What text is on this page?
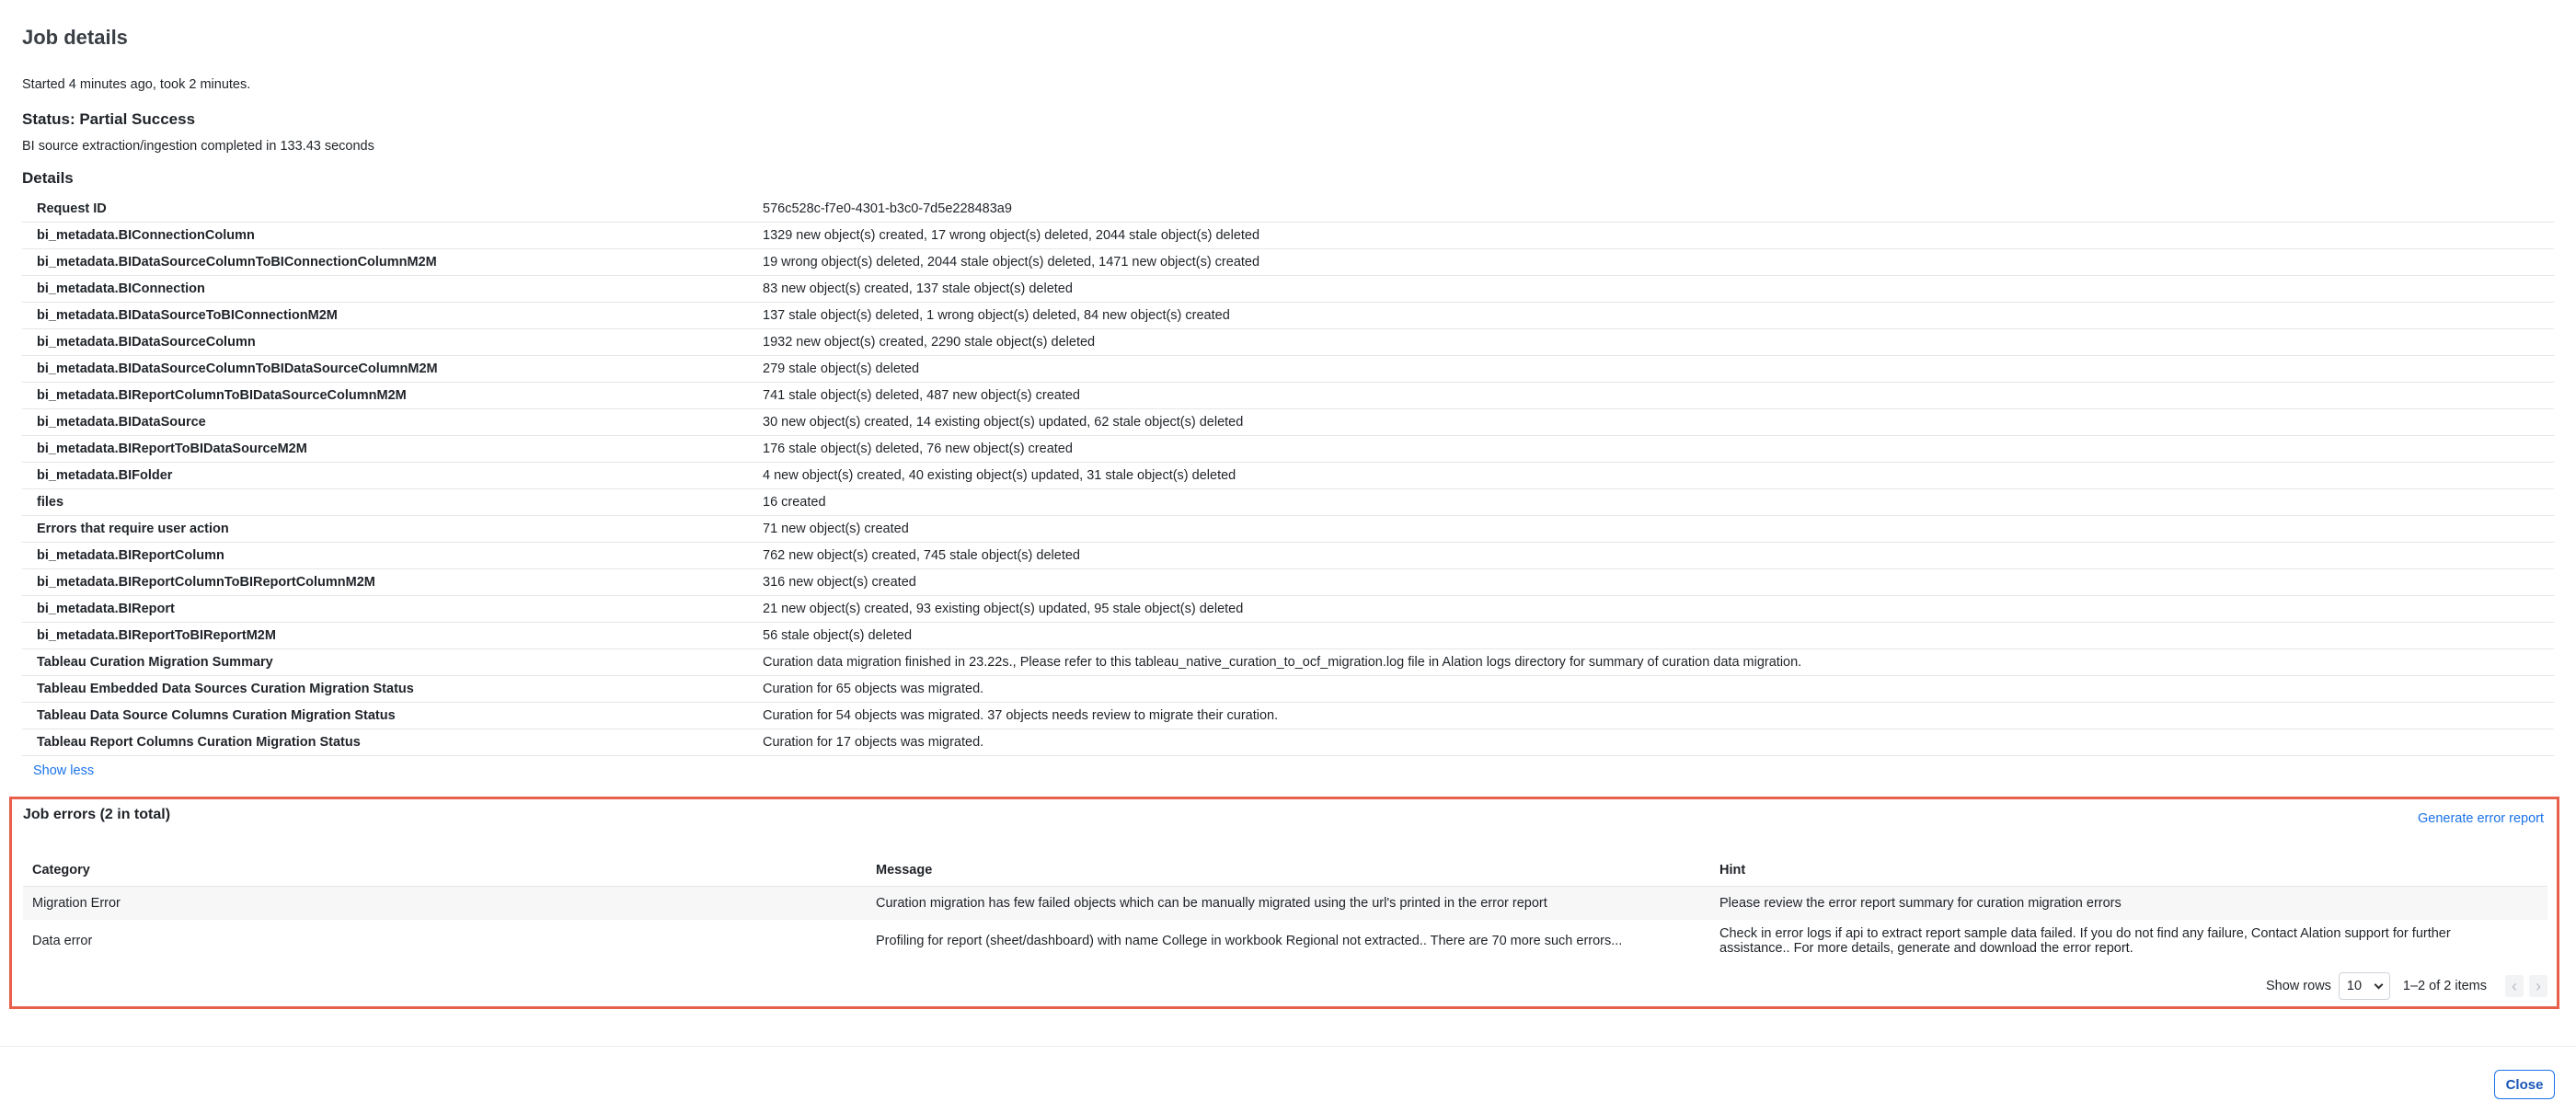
Job details
Started 4 minutes ago, took 2 minutes.
Status: Partial Success
BI source extraction/ingestion completed in 133.43 seconds
Details
Request ID	576c528c-f7e0-4301-b3c0-7d5e228483a9
bi_metadata.BIConnectionColumn	1329 new object(s) created, 17 wrong object(s) deleted, 2044 stale object(s) deleted
bi_metadata.BIDataSourceColumnToBIConnectionColumnM2M	19 wrong object(s) deleted, 2044 stale object(s) deleted, 1471 new object(s) created
bi_metadata.BIConnection	83 new object(s) created, 137 stale object(s) deleted
bi_metadata.BIDataSourceToBIConnectionM2M	137 stale object(s) deleted, 1 wrong object(s) deleted, 84 new object(s) created
bi_metadata.BIDataSourceColumn	1932 new object(s) created, 2290 stale object(s) deleted
bi_metadata.BIDataSourceColumnToBIDataSourceColumnM2M	279 stale object(s) deleted
bi_metadata.BIReportColumnToBIDataSourceColumnM2M	741 stale object(s) deleted, 487 new object(s) created
bi_metadata.BIDataSource	30 new object(s) created, 14 existing object(s) updated, 62 stale object(s) deleted
bi_metadata.BIReportToBIDataSourceM2M	176 stale object(s) deleted, 76 new object(s) created
bi_metadata.BIFolder	4 new object(s) created, 40 existing object(s) updated, 31 stale object(s) deleted
files	16 created
Errors that require user action	71 new object(s) created
bi_metadata.BIReportColumn	762 new object(s) created, 745 stale object(s) deleted
bi_metadata.BIReportColumnToBIReportColumnM2M	316 new object(s) created
bi_metadata.BIReport	21 new object(s) created, 93 existing object(s) updated, 95 stale object(s) deleted
bi_metadata.BIReportToBIReportM2M	56 stale object(s) deleted
Tableau Curation Migration Summary	Curation data migration finished in 23.22s., Please refer to this tableau_native_curation_to_ocf_migration.log file in Alation logs directory for summary of curation data migration.
Tableau Embedded Data Sources Curation Migration Status	Curation for 65 objects was migrated.
Tableau Data Source Columns Curation Migration Status	Curation for 54 objects was migrated. 37 objects needs review to migrate their curation.
Tableau Report Columns Curation Migration Status	Curation for 17 objects was migrated.
Show less
Job errors (2 in total)	Generate error report
Category	Message	Hint
Migration Error	Curation migration has few failed objects which can be manually migrated using the url's printed in the error report	Please review the error report summary for curation migration errors
Data error	Profiling for report (sheet/dashboard) with name College in workbook Regional not extracted.. There are 70 more such errors...	Check in error logs if api to extract report sample data failed. If you do not find any failure, Contact Alation support for further assistance.. For more details, generate and download the error report.
Show rows 10	1–2 of 2 items ‹ ›
Close
